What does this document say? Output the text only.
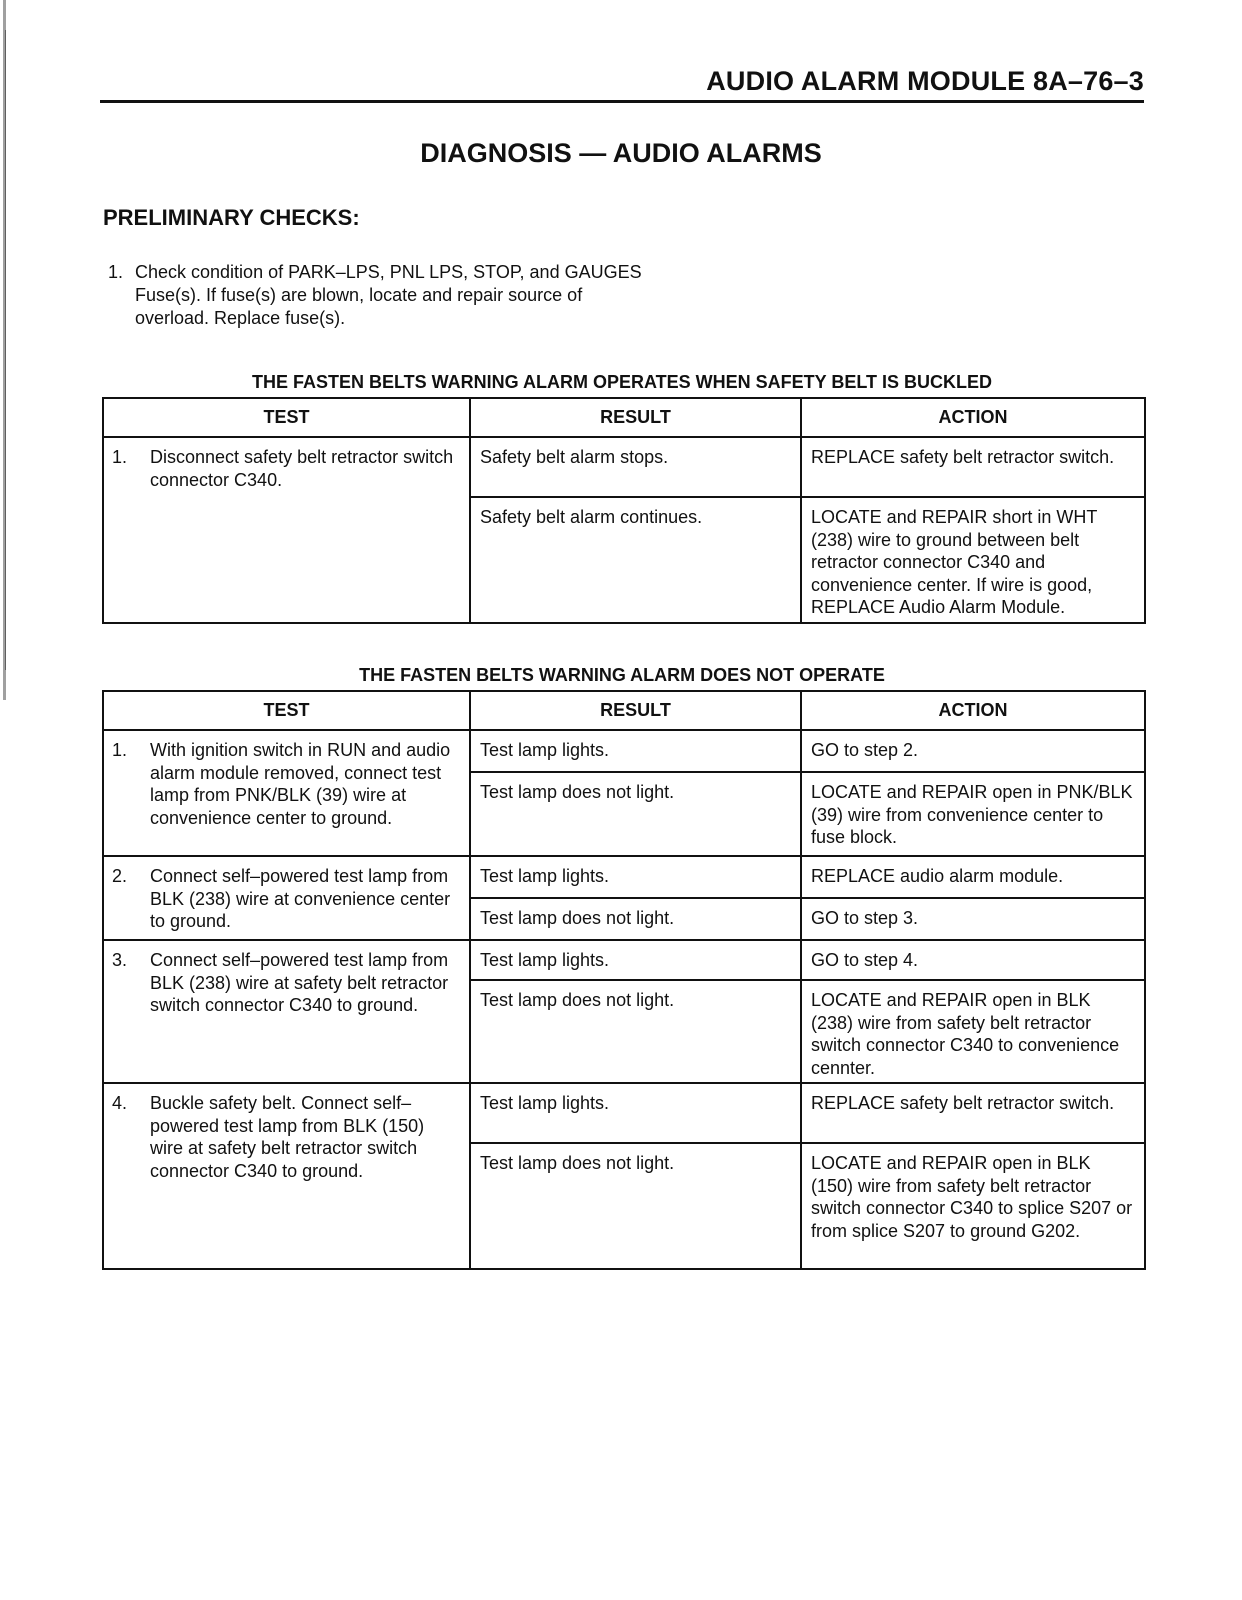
AUDIO ALARM MODULE 8A–76–3
DIAGNOSIS — AUDIO ALARMS
PRELIMINARY CHECKS:
1. Check condition of PARK–LPS, PNL LPS, STOP, and GAUGES Fuse(s). If fuse(s) are blown, locate and repair source of overload. Replace fuse(s).
THE FASTEN BELTS WARNING ALARM OPERATES WHEN SAFETY BELT IS BUCKLED
TEST	RESULT	ACTION

1. Disconnect safety belt retractor switch connector C340.	Safety belt alarm stops.	REPLACE safety belt retractor switch.
	Safety belt alarm continues.	LOCATE and REPAIR short in WHT (238) wire to ground between belt retractor connector C340 and convenience center. If wire is good, REPLACE Audio Alarm Module.
THE FASTEN BELTS WARNING ALARM DOES NOT OPERATE
TEST	RESULT	ACTION

1. With ignition switch in RUN and audio alarm module removed, connect test lamp from PNK/BLK (39) wire at convenience center to ground.	Test lamp lights.	GO to step 2.
	Test lamp does not light.	LOCATE and REPAIR open in PNK/BLK (39) wire from convenience center to fuse block.

2. Connect self–powered test lamp from BLK (238) wire at convenience center to ground.	Test lamp lights.	REPLACE audio alarm module.
	Test lamp does not light.	GO to step 3.

3. Connect self–powered test lamp from BLK (238) wire at safety belt retractor switch connector C340 to ground.	Test lamp lights.	GO to step 4.
	Test lamp does not light.	LOCATE and REPAIR open in BLK (238) wire from safety belt retractor switch connector C340 to convenience cennter.

4. Buckle safety belt. Connect self–powered test lamp from BLK (150) wire at safety belt retractor switch connector C340 to ground.	Test lamp lights.	REPLACE safety belt retractor switch.
	Test lamp does not light.	LOCATE and REPAIR open in BLK (150) wire from safety belt retractor switch connector C340 to splice S207 or from splice S207 to ground G202.
